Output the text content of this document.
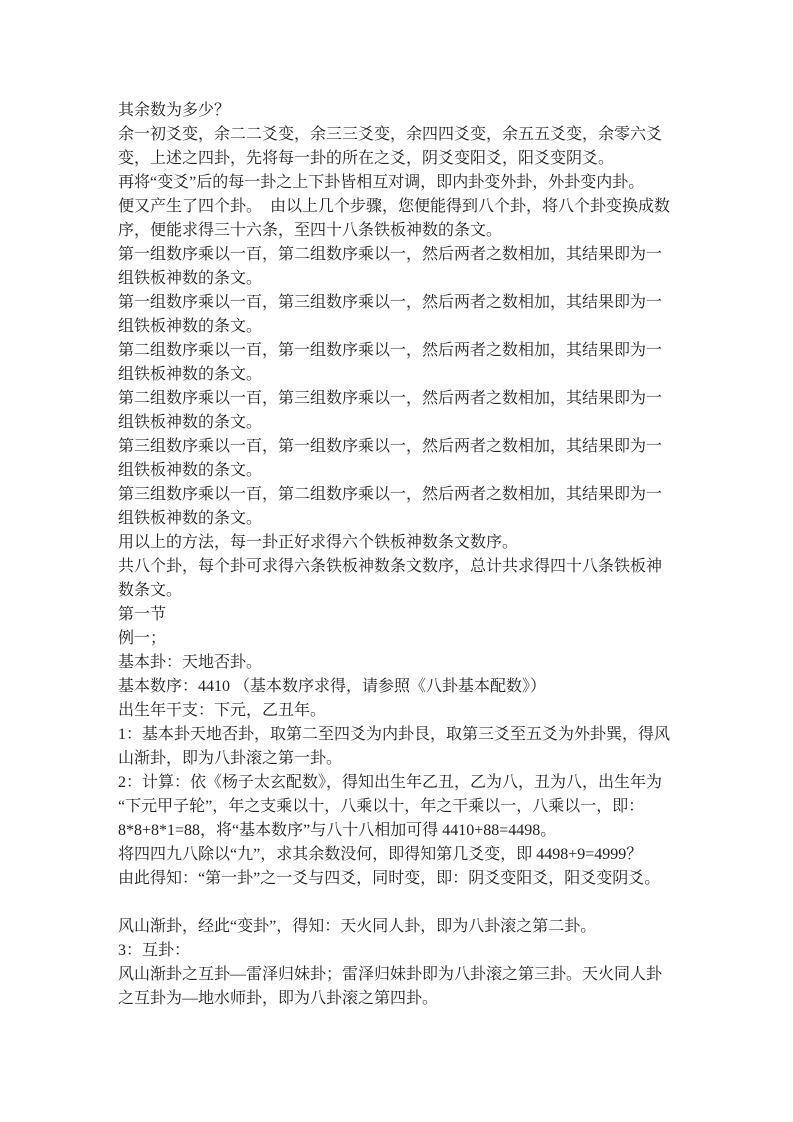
其余数为多少？
余一初爻变，余二二爻变，余三三爻变，余四四爻变，余五五爻变，余零六爻
变，上述之四卦，先将每一卦的所在之爻，阴爻变阳爻，阳爻变阴爻。
再将“变爻”后的每一卦之上下卦皆相互对调，即内卦变外卦，外卦变内卦。
便又产生了四个卦。　由以上几个步骤，您便能得到八个卦，将八个卦变换成数
序，便能求得三十六条，至四十八条铁板神数的条文。
第一组数序乘以一百，第二组数序乘以一，然后两者之数相加，其结果即为一
组铁板神数的条文。
第一组数序乘以一百，第三组数序乘以一，然后两者之数相加，其结果即为一
组铁板神数的条文。
第二组数序乘以一百，第一组数序乘以一，然后两者之数相加，其结果即为一
组铁板神数的条文。
第二组数序乘以一百，第三组数序乘以一，然后两者之数相加，其结果即为一
组铁板神数的条文。
第三组数序乘以一百，第一组数序乘以一，然后两者之数相加，其结果即为一
组铁板神数的条文。
第三组数序乘以一百，第二组数序乘以一，然后两者之数相加，其结果即为一
组铁板神数的条文。
用以上的方法，每一卦正好求得六个铁板神数条文数序。
共八个卦，每个卦可求得六条铁板神数条文数序，总计共求得四十八条铁板神
数条文。
第一节
例一；
基本卦：天地否卦。
基本数序：4410 （基本数序求得，请参照《八卦基本配数》）
出生年干支：下元，乙丑年。
1：基本卦天地否卦，取第二至四爻为内卦艮，取第三爻至五爻为外卦巽，得风
山渐卦，即为八卦滚之第一卦。
2：计算：依《杨子太玄配数》，得知出生年乙丑，乙为八，丑为八，出生年为
“下元甲子轮”，年之支乘以十，八乘以十，年之干乘以一，八乘以一，即：
8*8+8*1=88，将“基本数序”与八十八相加可得 4410+88=4498。
将四四九八除以“九”，求其余数没何，即得知第几爻变，即 4498+9=4999？
由此得知：“第一卦”之一爻与四爻，同时变，即：阴爻变阳爻，阳爻变阴爻。
风山渐卦，经此“变卦”，得知：天火同人卦，即为八卦滚之第二卦。
3：互卦：
风山渐卦之互卦—雷泽归妹卦；雷泽归妹卦即为八卦滚之第三卦。天火同人卦
之互卦为—地水师卦，即为八卦滚之第四卦。
